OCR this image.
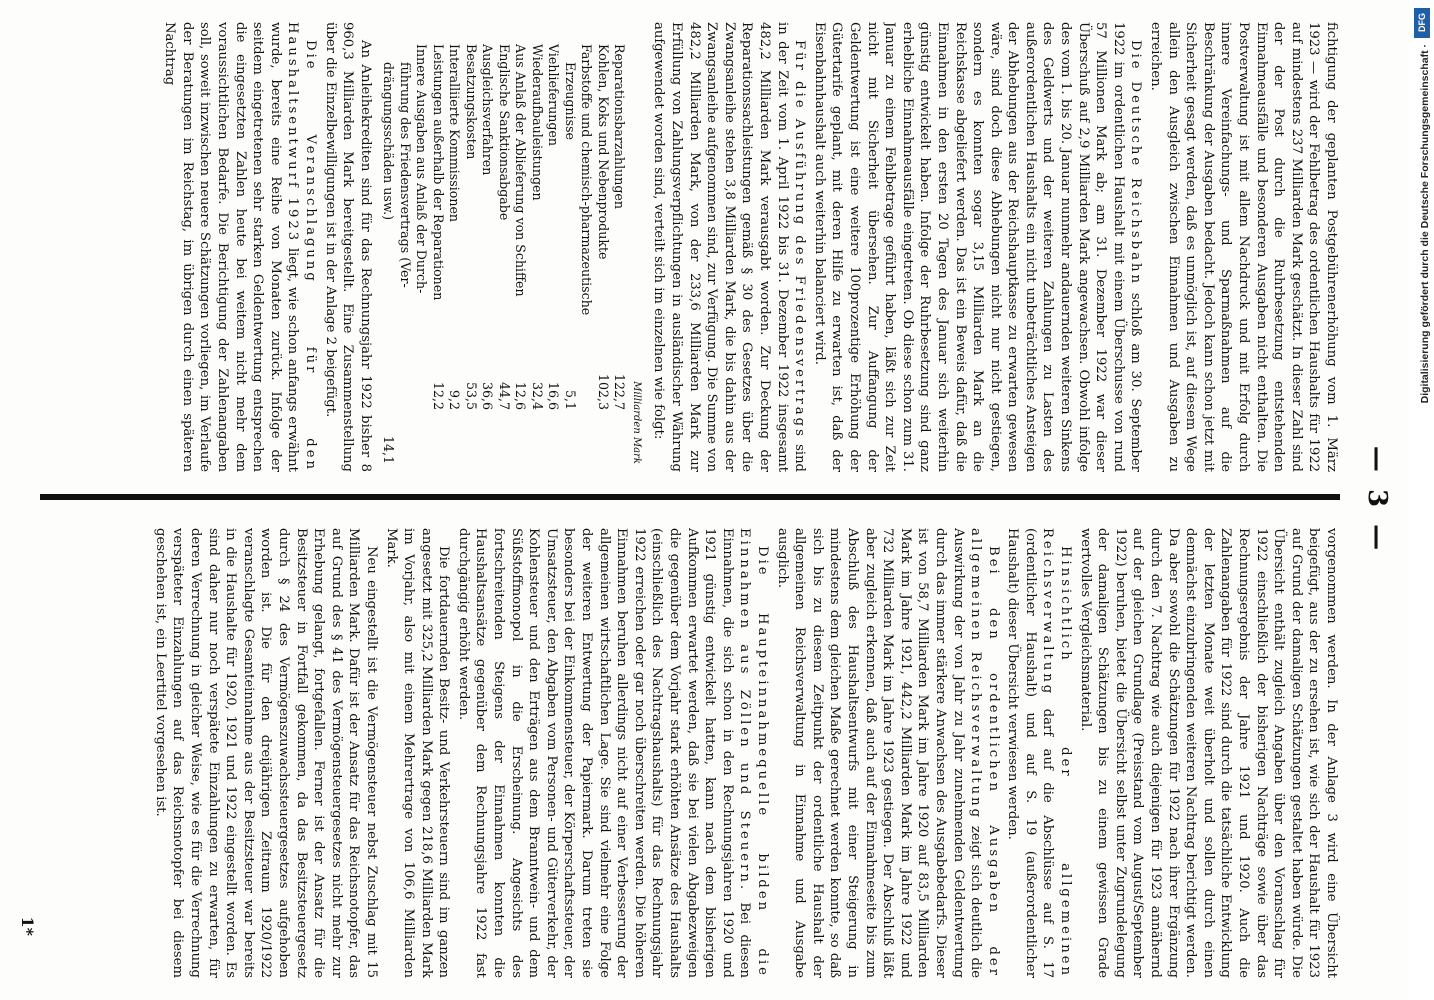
— 3 —

fichtigung der geplanten Postgebührenerhöhung vom 1. März 1923 — wird der Fehlbetrag des ordentlichen Haushalts für 1922 auf mindestens 237 Milliarden Mark geschätzt. In dieser Zahl sind der der Post durch die Ruhrbesetzung entstehenden Einnahmeausfälle und besonderen Ausgaben nicht enthalten. Die Postverwaltung ist mit allem Nachdruck und mit Erfolg durch innere Vereinfachungs- und Sparmaßnahmen auf die Beschränkung der Ausgaben bedacht. Jedoch kann schon jetzt mit Sicherheit gesagt werden, daß es unmöglich ist, auf diesem Wege allein den Ausgleich zwischen Einnahmen und Ausgaben zu erreichen.

Die Deutsche Reichsbahn schloß am 30. September 1922 im ordentlichen Haushalt mit einem Überschusse von rund 57 Millionen Mark ab; am 31. Dezember 1922 war dieser Überschuß auf 2,9 Milliarden Mark angewachsen. Obwohl infolge des vom 1. bis 20. Januar nunmehr andauernden weiteren Sinkens des Geldwerts und der weiteren Zahlungen zu Lasten des außerordentlichen Haushalts ein nicht unbeträchtliches Ansteigen der Abhebungen aus der Reichshauptkasse zu erwarten gewesen wäre, sind doch diese Abhebungen nicht nur nicht gestiegen, sondern es konnten sogar 3,15 Milliarden Mark an die Reichskasse abgeliefert werden. Das ist ein Beweis dafür, daß die Einnahmen in den ersten 20 Tagen des Januar sich weiterhin günstig entwickelt haben. Infolge der Ruhrbesetzung sind ganz erhebliche Einnahmeausfälle eingetreten. Ob diese schon zum 31. Januar zu einem Fehlbetrage geführt haben, läßt sich zur Zeit nicht mit Sicherheit übersehen. Zur Auffangung der Geldentwertung ist eine weitere 100prozentige Erhöhung der Gütertarife geplant, mit deren Hilfe zu erwarten ist, daß der Eisenbahnhaushalt auch weiterhin balanciert wird.

Für die Ausführung des Friedensvertrags sind in der Zeit vom 1. April 1922 bis 31. Dezember 1922 insgesamt 482,2 Milliarden Mark verausgabt worden. Zur Deckung der Reparationssachleistungen gemäß § 30 des Gesetzes über die Zwangsanleihe stehen 3,8 Milliarden Mark, die bis dahin aus der Zwangsanleihe aufgenommen sind, zur Verfügung. Die Summe von 482,2 Milliarden Mark, von der 233,6 Milliarden Mark zur Erfüllung von Zahlungsverpflichtungen in ausländischer Währung aufgewendet worden sind, verteilt sich im einzelnen wie folgt:

	Milliarden Mark	
Reparationsbarzahlungen	122,7	
Kohlen, Koks und Nebenprodukte	102,3	
Farbstoffe und chemisch-pharmazeutische		
Erzeugnisse	5,1	
Viehlieferungen	16,6	
Wiederaufbauleistungen	32,4	
Aus Anlaß der Ablieferung von Schiffen	12,6	
Englische Sanktionsabgabe	44,7	
Ausgleichsverfahren	36,6	
Besatzungskosten	53,5	
Interalliierte Kommissionen	9,2	
Leistungen außerhalb der Reparationen	12,2	
Innere Ausgaben aus Anlaß der Durch-		
führung des Friedensvertrags (Ver-		
drängungsschäden usw.)		14,1

An Anleihekrediten sind für das Rechnungsjahr 1922 bisher 8 960,3 Milliarden Mark bereitgestellt. Eine Zusammenstellung über die Einzelbewilligungen ist in der Anlage 2 beigefügt.

Die Veranschlagung für den Haushaltsentwurf 1923 liegt, wie schon anfangs erwähnt wurde, bereits eine Reihe von Monaten zurück. Infolge der seitdem eingetretenen sehr starken Geldentwertung entsprechen die eingesetzten Zahlen heute bei weitem nicht mehr dem voraussichtlichen Bedarfe. Die Berichtigung der Zahlenangaben soll, soweit inzwischen neuere Schätzungen vorliegen, im Verlaufe der Beratungen im Reichstag, im übrigen durch einen späteren Nachtrag

vorgenommen werden. In der Anlage 3 wird eine Übersicht beigefügt, aus der zu ersehen ist, wie sich der Haushalt für 1923 auf Grund der damaligen Schätzungen gestaltet haben würde. Die Übersicht enthält zugleich Angaben über den Voranschlag für 1922 einschließlich der bisherigen Nachträge sowie über das Rechnungsergebnis der Jahre 1921 und 1920. Auch die Zahlenangaben für 1922 sind durch die tatsächliche Entwicklung der letzten Monate weit überholt und sollen durch einen demnächst einzubringenden weiteren Nachtrag berichtigt werden. Da aber sowohl die Schätzungen für 1922 nach ihrer Ergänzung durch den 7. Nachtrag wie auch diejenigen für 1923 annähernd auf der gleichen Grundlage (Preisstand vom August/September 1922) beruhen, bietet die Übersicht selbst unter Zugrundelegung der damaligen Schätzungen bis zu einem gewissen Grade wertvolles Vergleichsmaterial.

Hinsichtlich der allgemeinen Reichsverwaltung darf auf die Abschlüsse auf S. 17 (ordentlicher Haushalt) und auf S. 19 (außerordentlicher Haushalt) dieser Übersicht verwiesen werden.

Bei den ordentlichen Ausgaben der allgemeinen Reichsverwaltung zeigt sich deutlich die Auswirkung der von Jahr zu Jahr zunehmenden Geldentwertung durch das immer stärkere Anwachsen des Ausgabebedarfs. Dieser ist von 58,7 Milliarden Mark im Jahre 1920 auf 83,5 Milliarden Mark im Jahre 1921, 442,2 Milliarden Mark im Jahre 1922 und 732 Milliarden Mark im Jahre 1923 gestiegen. Der Abschluß läßt aber zugleich erkennen, daß auch auf der Einnahmeseite bis zum Abschluß des Haushaltsentwurfs mit einer Steigerung in mindestens dem gleichen Maße gerechnet werden konnte, so daß sich bis zu diesem Zeitpunkt der ordentliche Haushalt der allgemeinen Reichsverwaltung in Einnahme und Ausgabe ausglich.

Die Haupteinnahmequelle bilden die Einnahmen aus Zöllen und Steuern. Bei diesen Einnahmen, die sich schon in den Rechnungsjahren 1920 und 1921 günstig entwickelt hatten, kann nach dem bisherigen Aufkommen erwartet werden, daß sie bei vielen Abgabezweigen die gegenüber dem Vorjahr stark erhöhten Ansätze des Haushalts (einschließlich des Nachtragshaushalts) für das Rechnungsjahr 1922 erreichen oder gar noch überschreiten werden. Die höheren Einnahmen beruhen allerdings nicht auf einer Verbesserung der allgemeinen wirtschaftlichen Lage. Sie sind vielmehr eine Folge der weiteren Entwertung der Papiermark. Darum treten sie besonders bei der Einkommensteuer, der Körperschaftssteuer, der Umsatzsteuer, den Abgaben vom Personen- und Güterverkehr, der Kohlensteuer und den Erträgen aus dem Branntwein- und dem Süßstoffmonopol in die Erscheinung. Angesichts des fortschreitenden Steigens der Einnahmen konnten die Haushaltsansätze gegenüber dem Rechnungsjahre 1922 fast durchgängig erhöht werden.

Die fortdauernden Besitz- und Verkehrsteuern sind im ganzen angesetzt mit 325,2 Milliarden Mark gegen 218,6 Milliarden Mark im Vorjahr, also mit einem Mehrertrage von 106,6 Milliarden Mark.

Neu eingestellt ist die Vermögensteuer nebst Zuschlag mit 15 Milliarden Mark. Dafür ist der Ansatz für das Reichsnotopfer, das auf Grund des § 41 des Vermögensteuergesetzes nicht mehr zur Erhebung gelangt, fortgefallen. Ferner ist der Ansatz für die Besitzsteuer in Fortfall gekommen, da das Besitzsteuergesetz durch § 24 des Vermögenszuwachssteuergesetzes aufgehoben worden ist. Die für den dreijährigen Zeitraum 1920/1922 veranschlagte Gesamteinnahme aus der Besitzsteuer war bereits in die Haushalte für 1920, 1921 und 1922 eingestellt worden. Es sind daher nur noch verspätete Einzahlungen zu erwarten, für deren Verrechnung in gleicher Weise, wie es für die Verrechnung verspäteter Einzahlungen auf das Reichsnotopfer bei diesem geschehen ist, ein Leertitel vorgesehen ist.

1*
DFG
Digitalisierung gefördert durch die Deutsche Forschungsgemeinschaft ·
